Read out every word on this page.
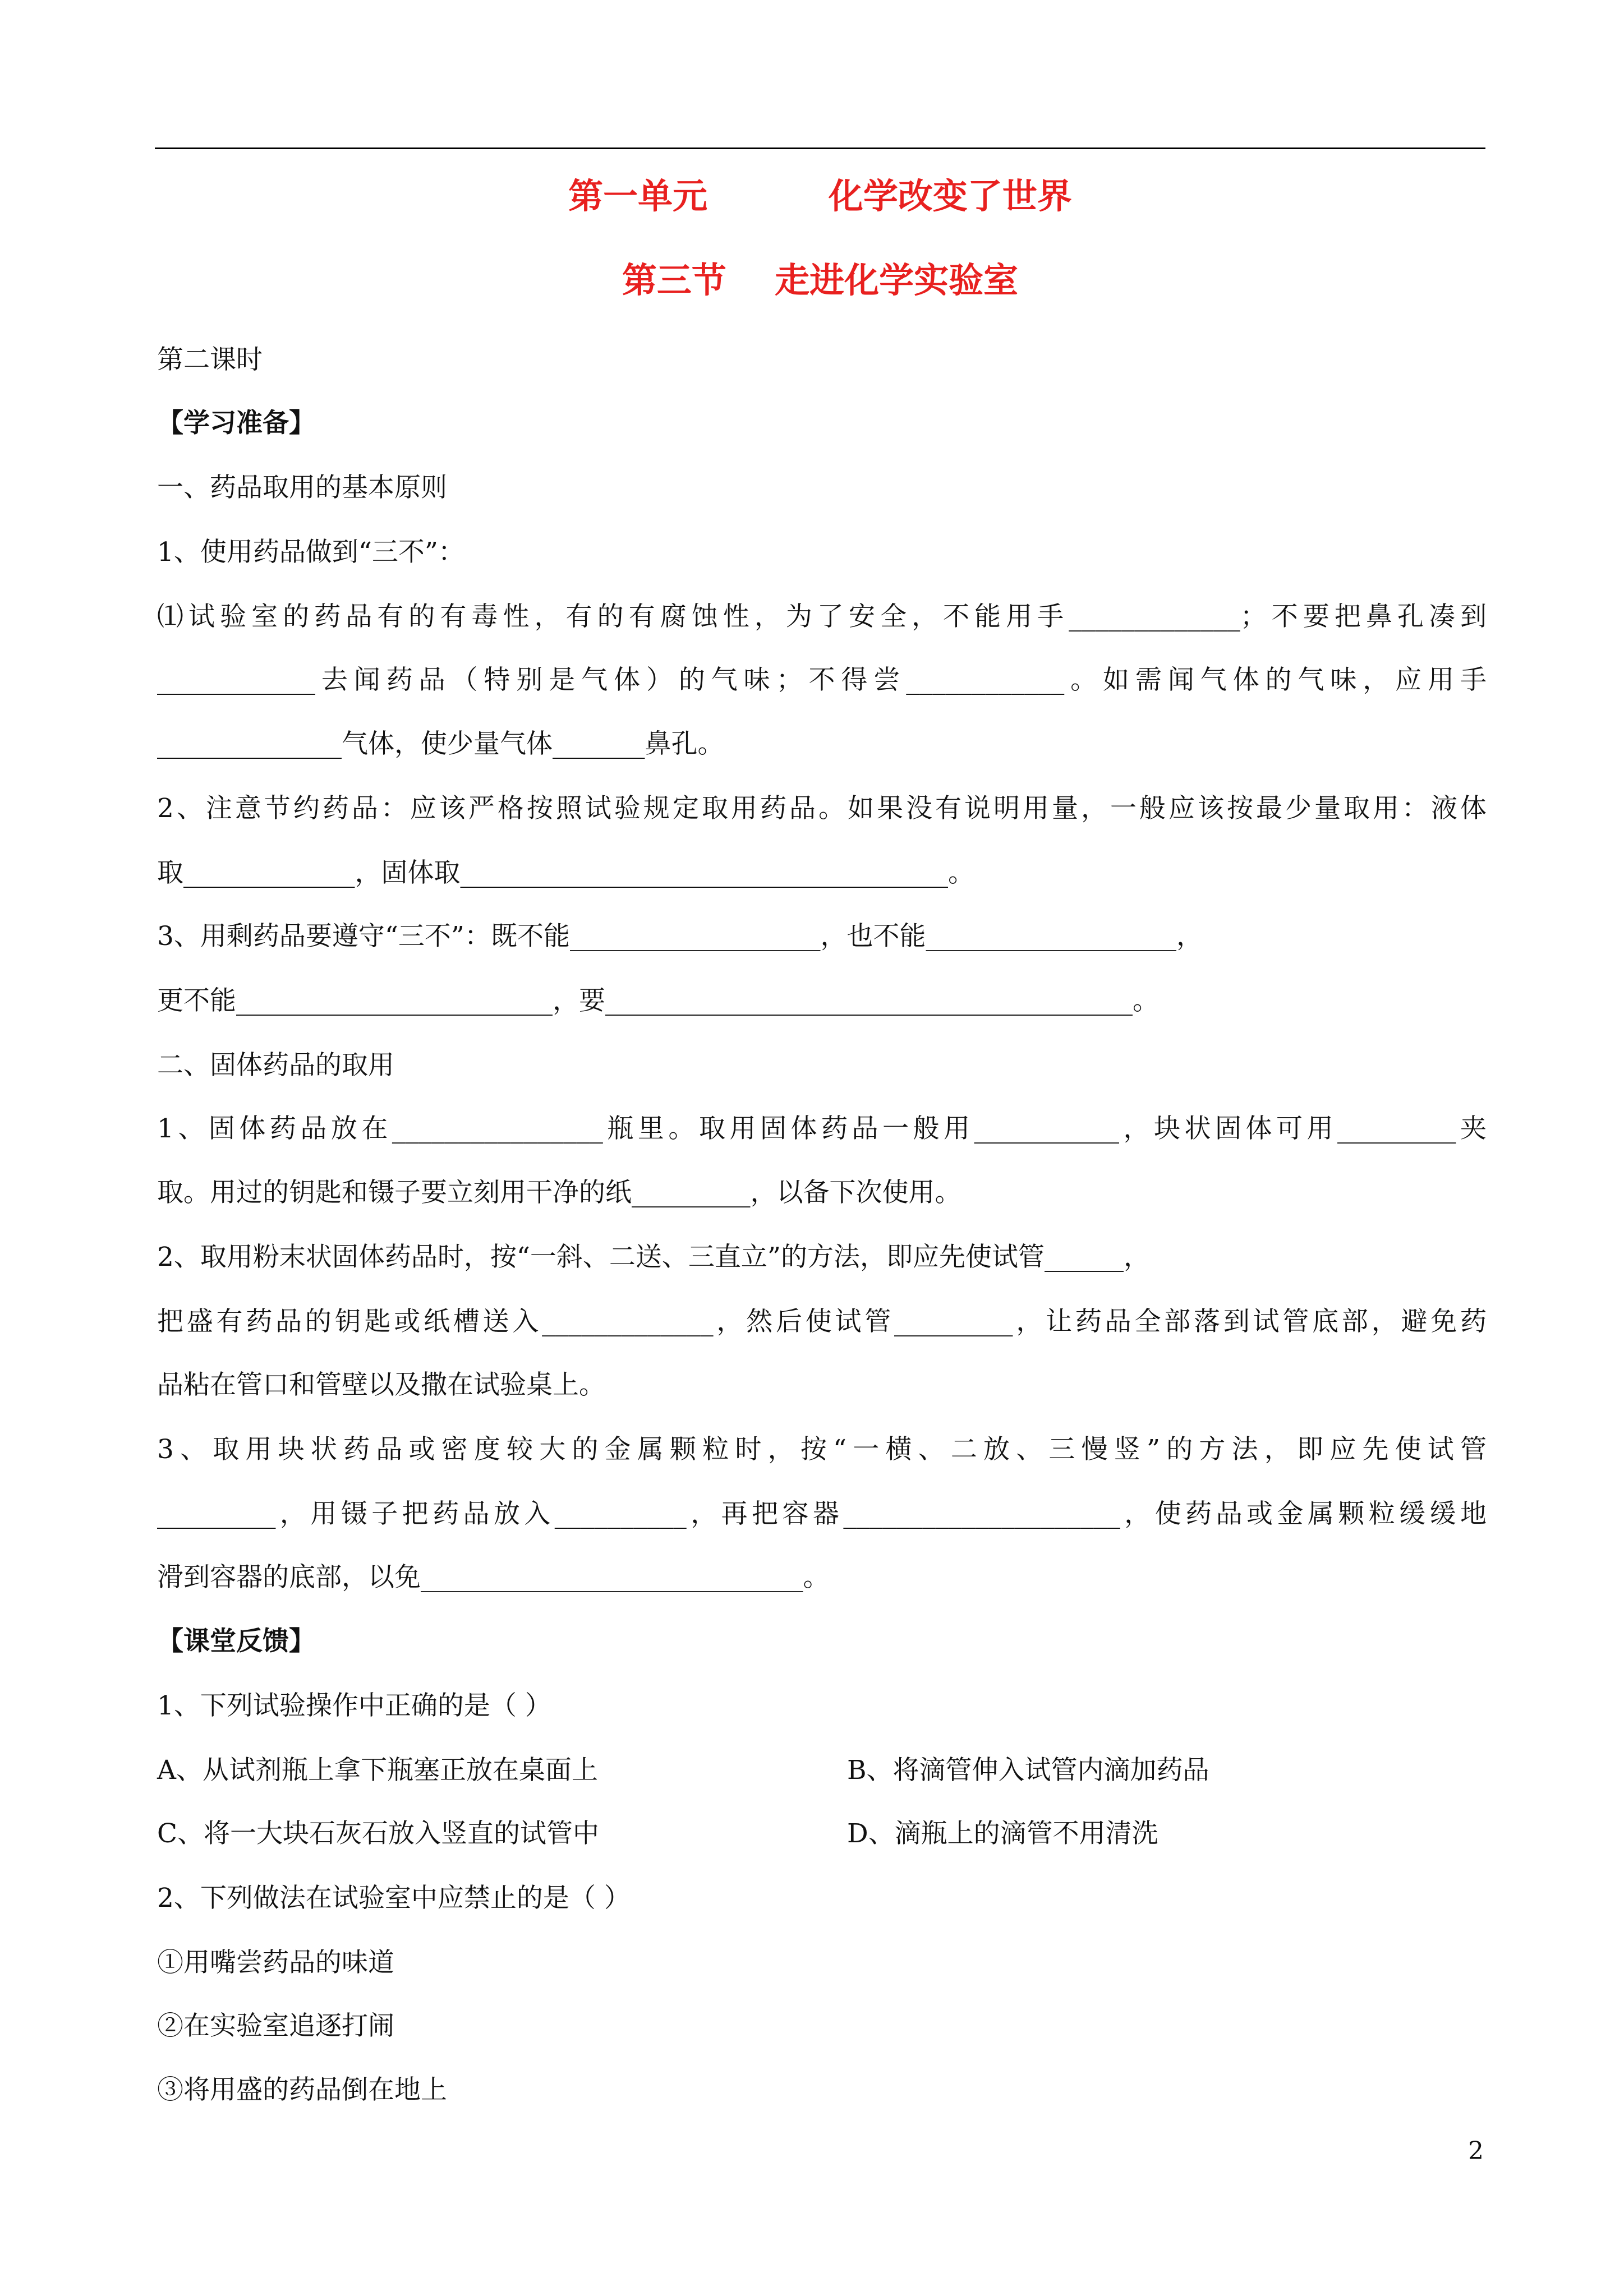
第一单元          化学改变了世界
第三节    走进化学实验室
第二课时
【学习准备】
一、药品取用的基本原则
1、使用药品做到“三不”：
⑴试验室的药品有的有毒性，有的有腐蚀性，为了安全，不能用手_____________；不要把鼻孔凑到
____________去闻药品（特别是气体）的气味；不得尝____________。如需闻气体的气味，应用手
______________气体，使少量气体_______鼻孔。
2、注意节约药品：应该严格按照试验规定取用药品。如果没有说明用量，一般应该按最少量取用：液体
取_____________，固体取_____________________________________。
3、用剩药品要遵守“三不”：既不能___________________，也不能___________________，
更不能________________________，要________________________________________。
二、固体药品的取用
1、固体药品放在________________瓶里。取用固体药品一般用___________，块状固体可用_________夹
取。用过的钥匙和镊子要立刻用干净的纸_________，以备下次使用。
2、取用粉末状固体药品时，按“一斜、二送、三直立”的方法，即应先使试管______，
把盛有药品的钥匙或纸槽送入_____________，然后使试管_________，让药品全部落到试管底部，避免药
品粘在管口和管壁以及撒在试验桌上。
3、取用块状药品或密度较大的金属颗粒时，按“一横、二放、三慢竖”的方法，即应先使试管
_________，用镊子把药品放入__________，再把容器_____________________，使药品或金属颗粒缓缓地
滑到容器的底部，以免_____________________________。
【课堂反馈】
1、下列试验操作中正确的是（ ）
A、从试剂瓶上拿下瓶塞正放在桌面上	B、将滴管伸入试管内滴加药品
C、将一大块石灰石放入竖直的试管中	D、滴瓶上的滴管不用清洗
2、下列做法在试验室中应禁止的是（ ）
①用嘴尝药品的味道
②在实验室追逐打闹
③将用盛的药品倒在地上
2
